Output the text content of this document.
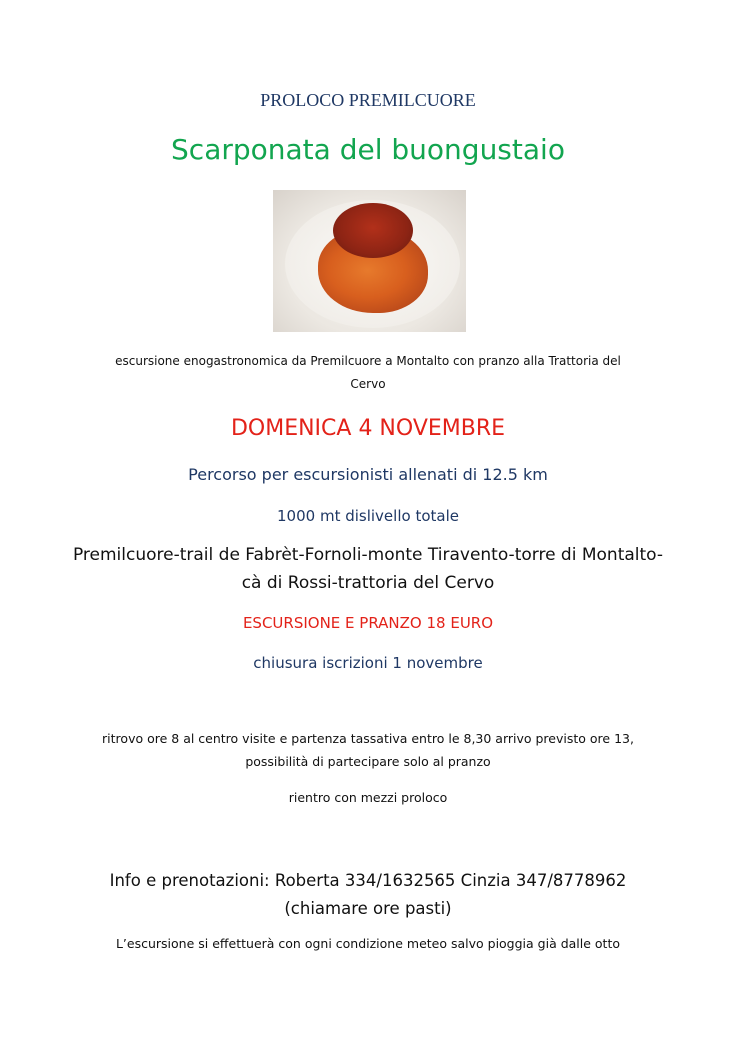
PROLOCO PREMILCUORE
Scarponata del buongustaio
escursione enogastronomica da Premilcuore a Montalto con pranzo alla Trattoria del
Cervo
DOMENICA 4 NOVEMBRE
Percorso per escursionisti allenati di 12.5 km
1000 mt dislivello totale
Premilcuore-trail de Fabrèt-Fornoli-monte Tiravento-torre di Montalto-
cà di Rossi-trattoria del Cervo
ESCURSIONE E PRANZO 18 EURO
chiusura iscrizioni 1 novembre
ritrovo ore 8 al centro visite e partenza tassativa entro le 8,30 arrivo previsto ore 13,
possibilità di partecipare solo al pranzo
rientro con mezzi proloco
Info e prenotazioni: Roberta 334/1632565 Cinzia 347/8778962
(chiamare ore pasti)
L’escursione si effettuerà con ogni condizione meteo salvo pioggia già dalle otto
